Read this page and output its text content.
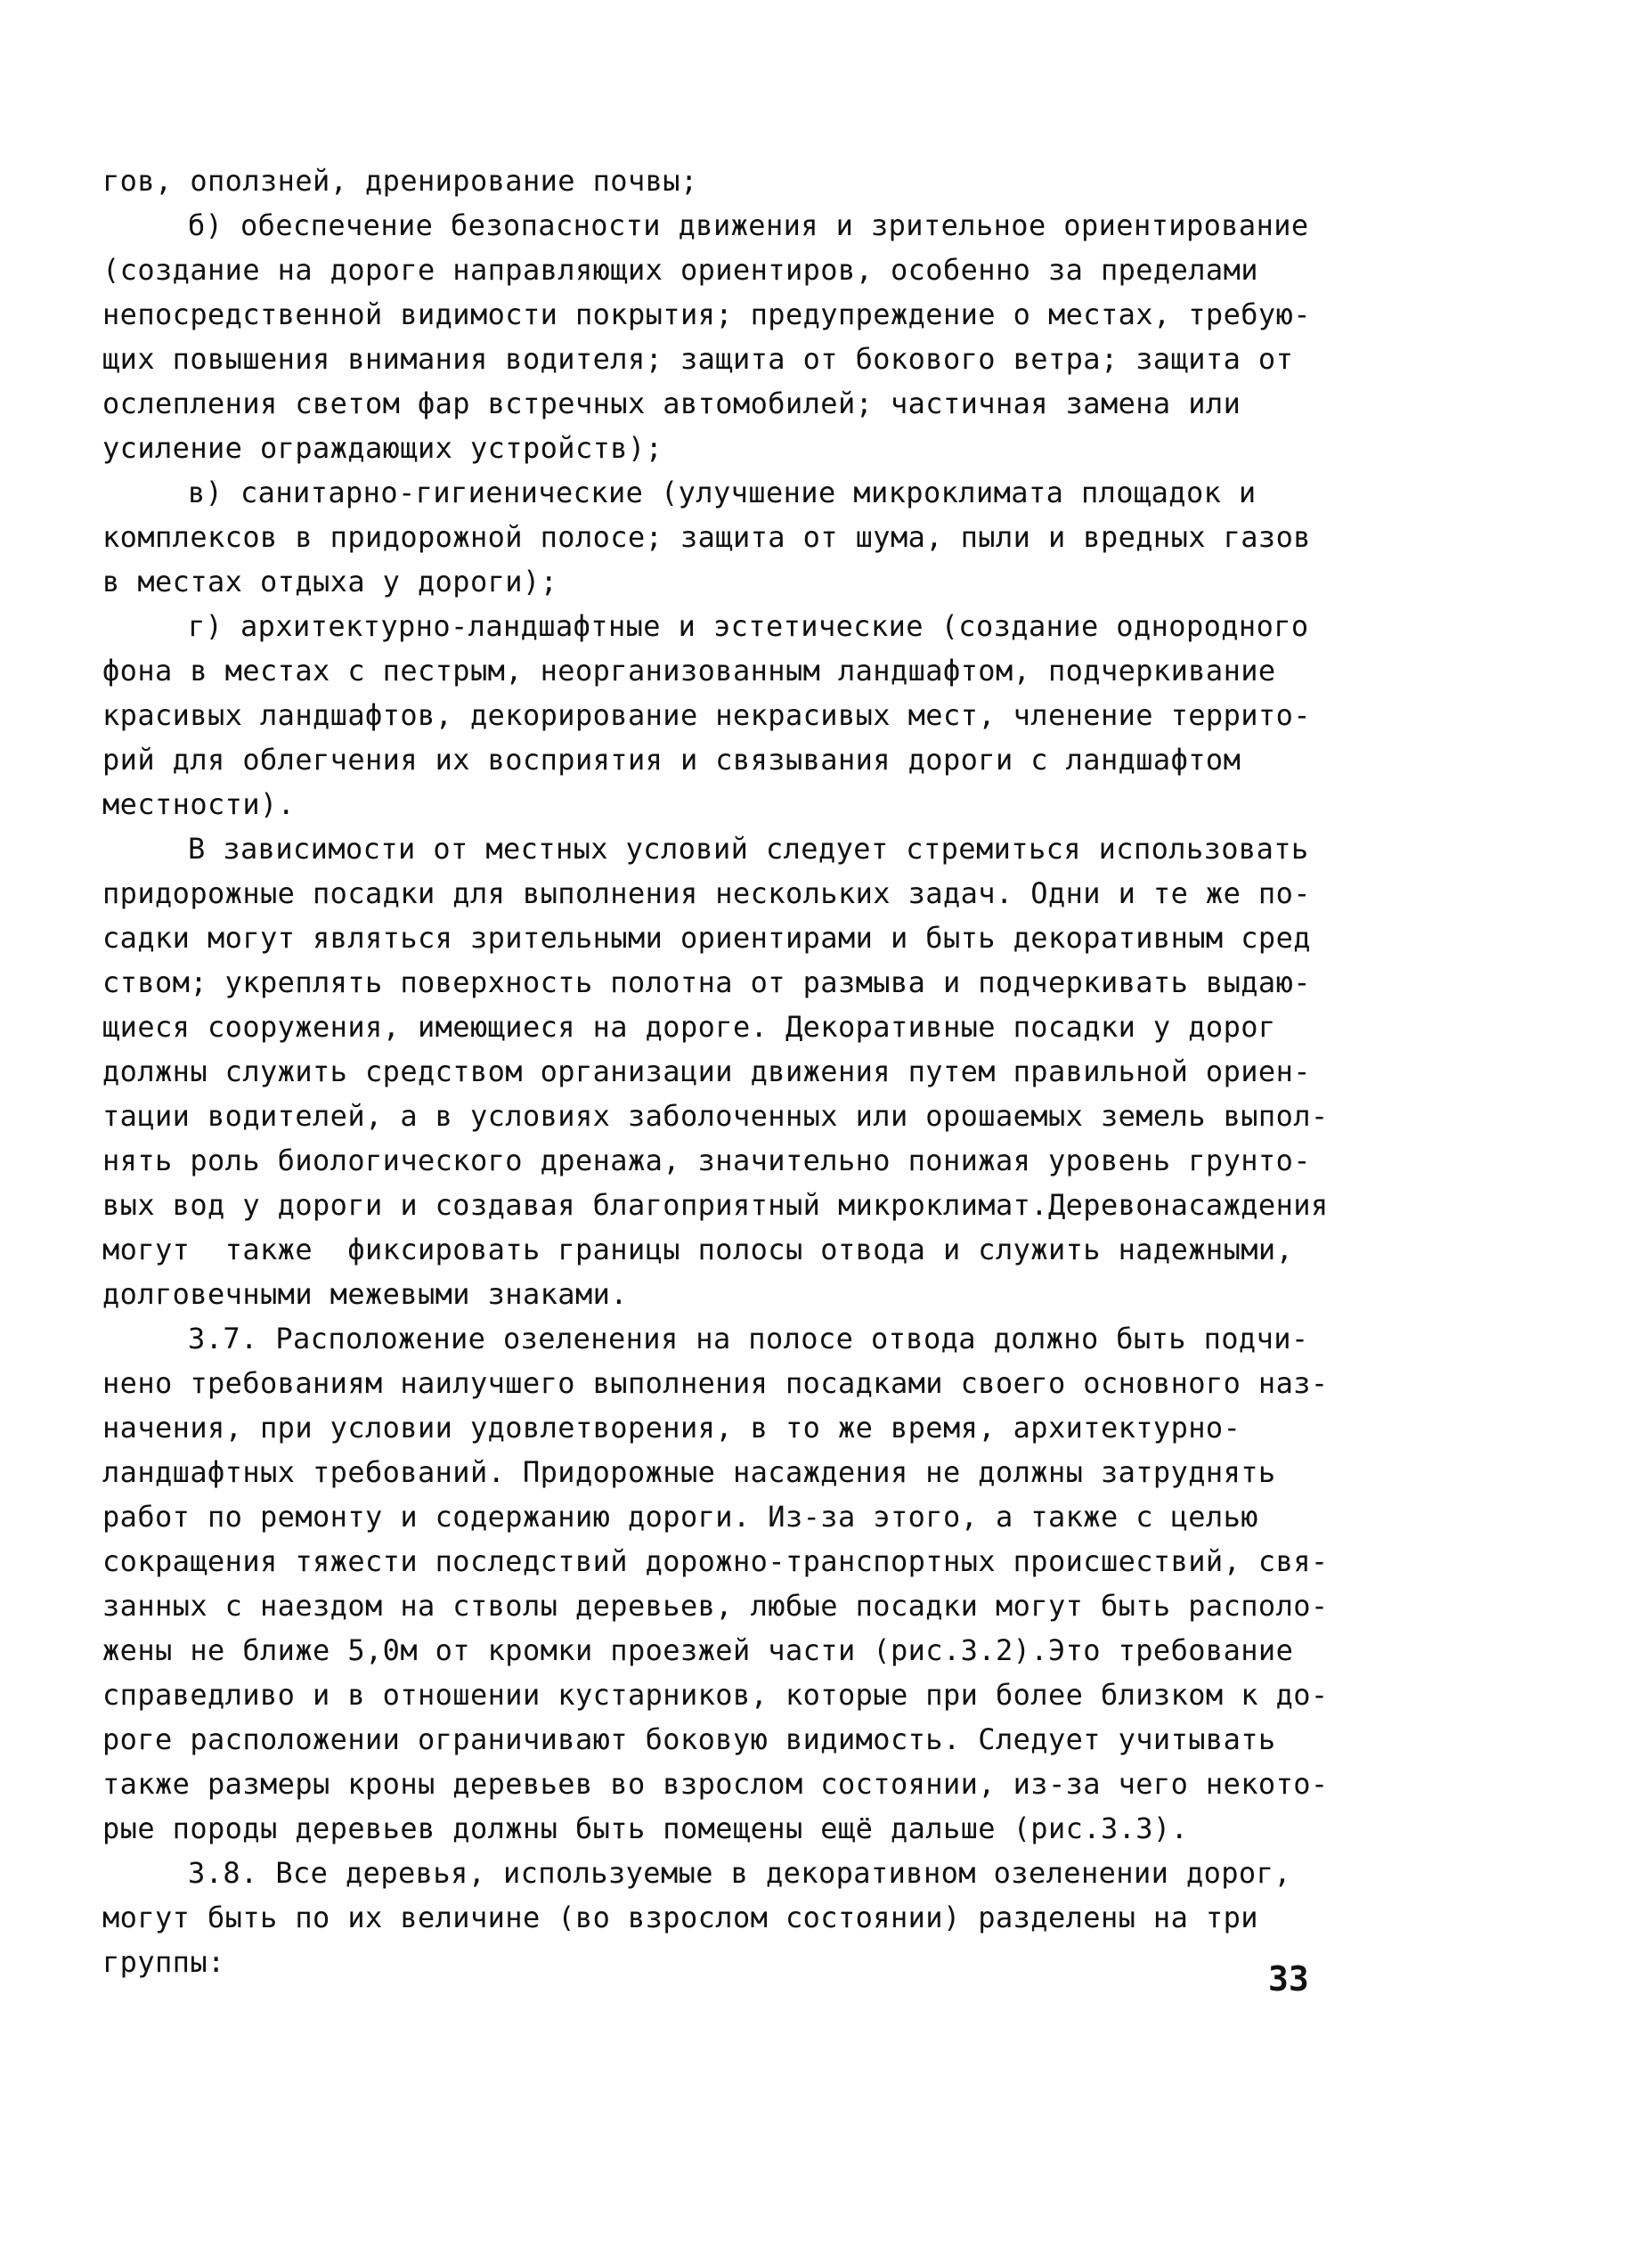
гов, оползней, дренирование почвы;
б) обеспечение безопасности движения и зрительное ориентирование
(создание на дороге направляющих ориентиров, особенно за пределами
непосредственной видимости покрытия; предупреждение о местах, требую-
щих повышения внимания водителя; защита от бокового ветра; защита от
ослепления светом фар встречных автомобилей; частичная замена или
усиление ограждающих устройств);
в) санитарно-гигиенические (улучшение микроклимата площадок и
комплексов в придорожной полосе; защита от шума, пыли и вредных газов
в местах отдыха у дороги);
г) архитектурно-ландшафтные и эстетические (создание однородного
фона в местах с пестрым, неорганизованным ландшафтом, подчеркивание
красивых ландшафтов, декорирование некрасивых мест, членение террито-
рий для облегчения их восприятия и связывания дороги с ландшафтом
местности).
В зависимости от местных условий следует стремиться использовать
придорожные посадки для выполнения нескольких задач. Одни и те же по-
садки могут являться зрительными ориентирами и быть декоративным сред
ством; укреплять поверхность полотна от размыва и подчеркивать выдаю-
щиеся сооружения, имеющиеся на дороге. Декоративные посадки у дорог
должны служить средством организации движения путем правильной ориен-
тации водителей, а в условиях заболоченных или орошаемых земель выпол-
нять роль биологического дренажа, значительно понижая уровень грунто-
вых вод у дороги и создавая благоприятный микроклимат.Деревонасаждения
могут  также  фиксировать границы полосы отвода и служить надежными,
долговечными межевыми знаками.
3.7. Расположение озеленения на полосе отвода должно быть подчи-
нено требованиям наилучшего выполнения посадками своего основного наз-
начения, при условии удовлетворения, в то же время, архитектурно-
ландшафтных требований. Придорожные насаждения не должны затруднять
работ по ремонту и содержанию дороги. Из-за этого, а также с целью
сокращения тяжести последствий дорожно-транспортных происшествий, свя-
занных с наездом на стволы деревьев, любые посадки могут быть располо-
жены не ближе 5,0м от кромки проезжей части (рис.3.2).Это требование
справедливо и в отношении кустарников, которые при более близком к до-
роге расположении ограничивают боковую видимость. Следует учитывать
также размеры кроны деревьев во взрослом состоянии, из-за чего некото-
рые породы деревьев должны быть помещены ещё дальше (рис.3.3).
3.8. Все деревья, используемые в декоративном озеленении дорог,
могут быть по их величине (во взрослом состоянии) разделены на три
группы:	33
